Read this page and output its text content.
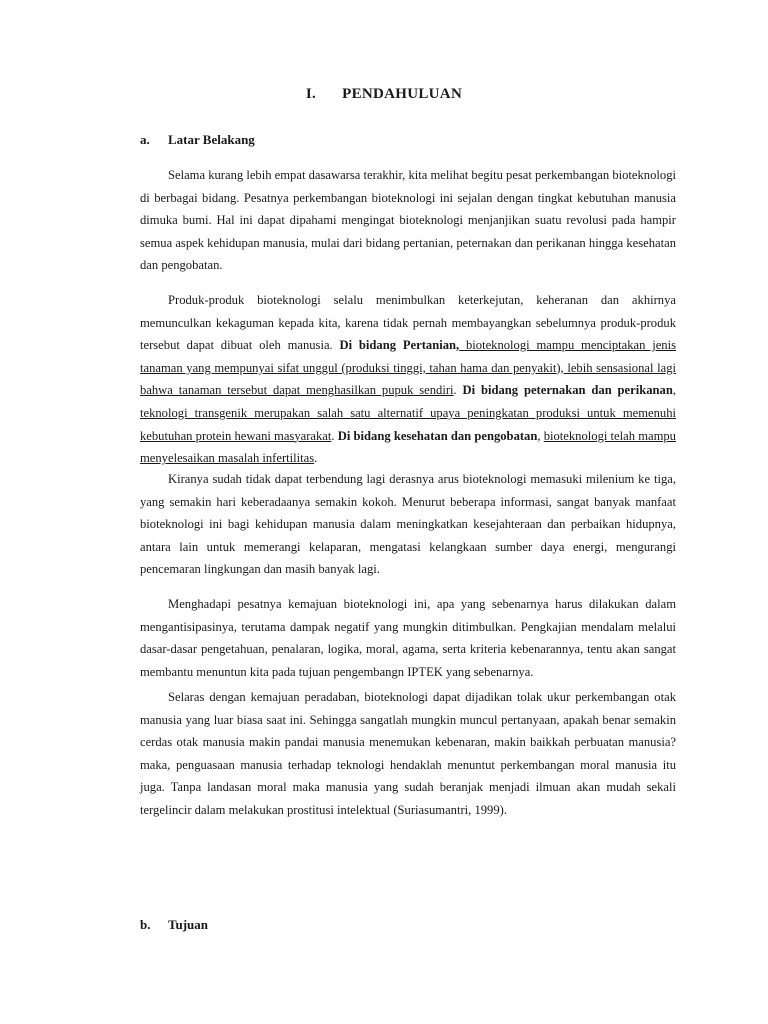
I. PENDAHULUAN
a. Latar Belakang

Selama kurang lebih empat dasawarsa terakhir, kita melihat begitu pesat perkembangan bioteknologi di berbagai bidang. Pesatnya perkembangan bioteknologi ini sejalan dengan tingkat kebutuhan manusia dimuka bumi. Hal ini dapat dipahami mengingat bioteknologi menjanjikan suatu revolusi pada hampir semua aspek kehidupan manusia, mulai dari bidang pertanian, peternakan dan perikanan hingga kesehatan dan pengobatan.

Produk-produk bioteknologi selalu menimbulkan keterkejutan, keheranan dan akhirnya memunculkan kekaguman kepada kita, karena tidak pernah membayangkan sebelumnya produk-produk tersebut dapat dibuat oleh manusia. Di bidang Pertanian, bioteknologi mampu menciptakan jenis tanaman yang mempunyai sifat unggul (produksi tinggi, tahan hama dan penyakit), lebih sensasional lagi bahwa tanaman tersebut dapat menghasilkan pupuk sendiri. Di bidang peternakan dan perikanan, teknologi transgenik merupakan salah satu alternatif upaya peningkatan produksi untuk memenuhi kebutuhan protein hewani masyarakat. Di bidang kesehatan dan pengobatan, bioteknologi telah mampu menyelesaikan masalah infertilitas.

Kiranya sudah tidak dapat terbendung lagi derasnya arus bioteknologi memasuki milenium ke tiga, yang semakin hari keberadaanya semakin kokoh. Menurut beberapa informasi, sangat banyak manfaat bioteknologi ini bagi kehidupan manusia dalam meningkatkan kesejahteraan dan perbaikan hidupnya, antara lain untuk memerangi kelaparan, mengatasi kelangkaan sumber daya energi, mengurangi pencemaran lingkungan dan masih banyak lagi.

Menghadapi pesatnya kemajuan bioteknologi ini, apa yang sebenarnya harus dilakukan dalam mengantisipasinya, terutama dampak negatif yang mungkin ditimbulkan. Pengkajian mendalam melalui dasar-dasar pengetahuan, penalaran, logika, moral, agama, serta kriteria kebenarannya, tentu akan sangat membantu menuntun kita pada tujuan pengembangn IPTEK yang sebenarnya.

Selaras dengan kemajuan peradaban, bioteknologi dapat dijadikan tolak ukur perkembangan otak manusia yang luar biasa saat ini. Sehingga sangatlah mungkin muncul pertanyaan, apakah benar semakin cerdas otak manusia makin pandai manusia menemukan kebenaran, makin baikkah perbuatan manusia? maka, penguasaan manusia terhadap teknologi hendaklah menuntut perkembangan moral manusia itu juga. Tanpa landasan moral maka manusia yang sudah beranjak menjadi ilmuan akan mudah sekali tergelincir dalam melakukan prostitusi intelektual (Suriasumantri, 1999).

b. Tujuan
